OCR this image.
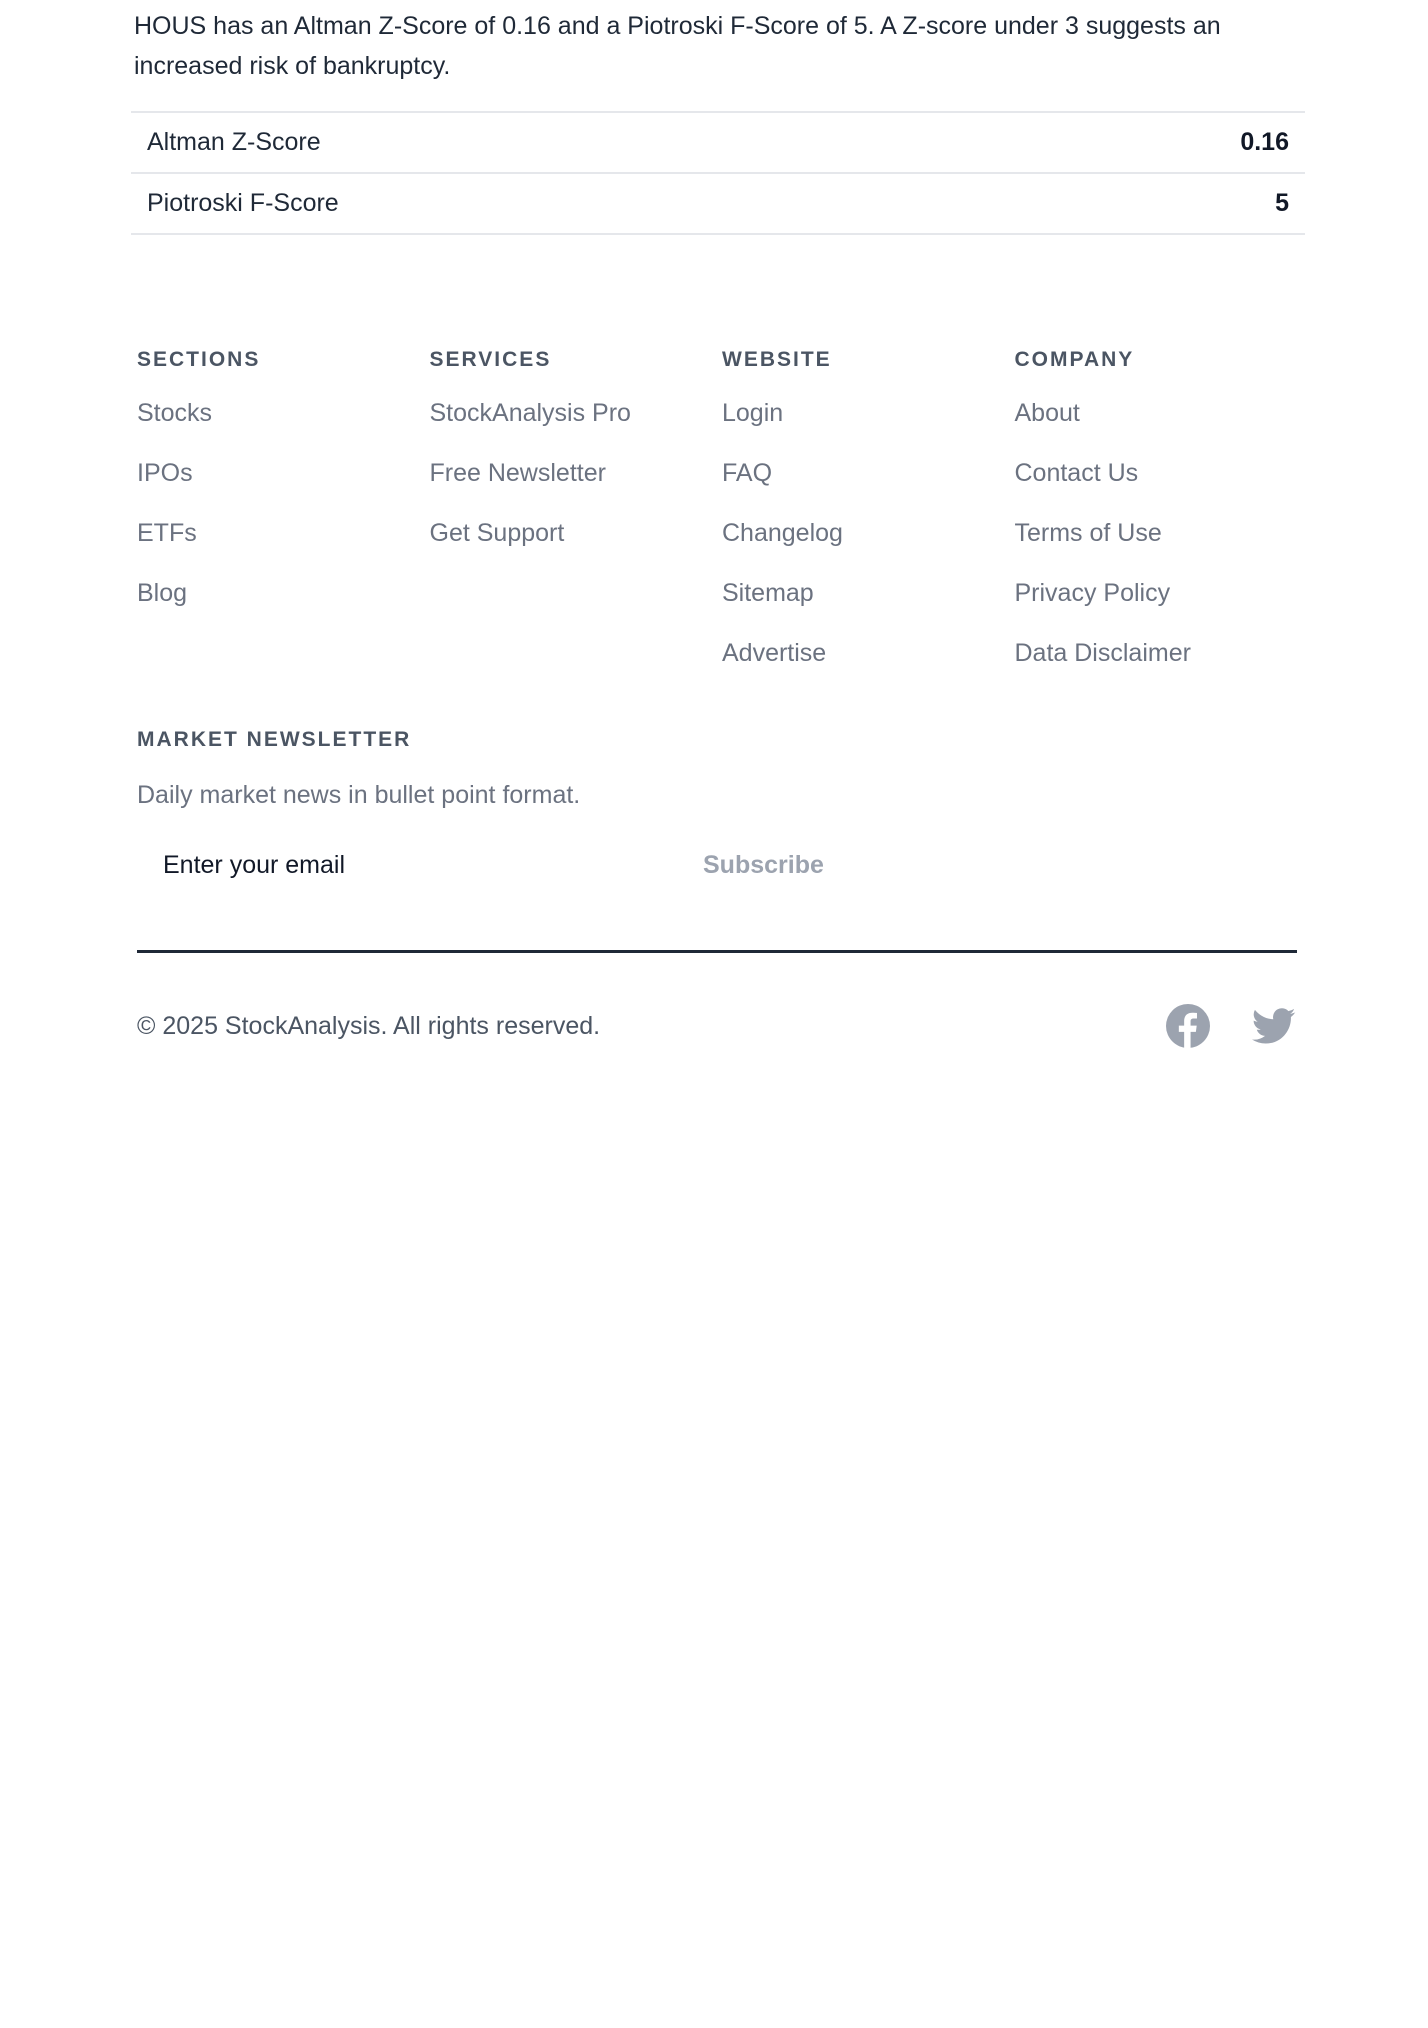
HOUS has an Altman Z-Score of 0.16 and a Piotroski F-Score of 5. A Z-score under 3 suggests an increased risk of bankruptcy.

Altman Z-Score	0.16
Piotroski F-Score	5
SECTIONS
Stocks
IPOs
ETFs
Blog
SERVICES
StockAnalysis Pro
Free Newsletter
Get Support
WEBSITE
Login
FAQ
Changelog
Sitemap
Advertise
COMPANY
About
Contact Us
Terms of Use
Privacy Policy
Data Disclaimer
MARKET NEWSLETTER
Daily market news in bullet point format.
Enter your email
Subscribe
© 2025 StockAnalysis. All rights reserved.
